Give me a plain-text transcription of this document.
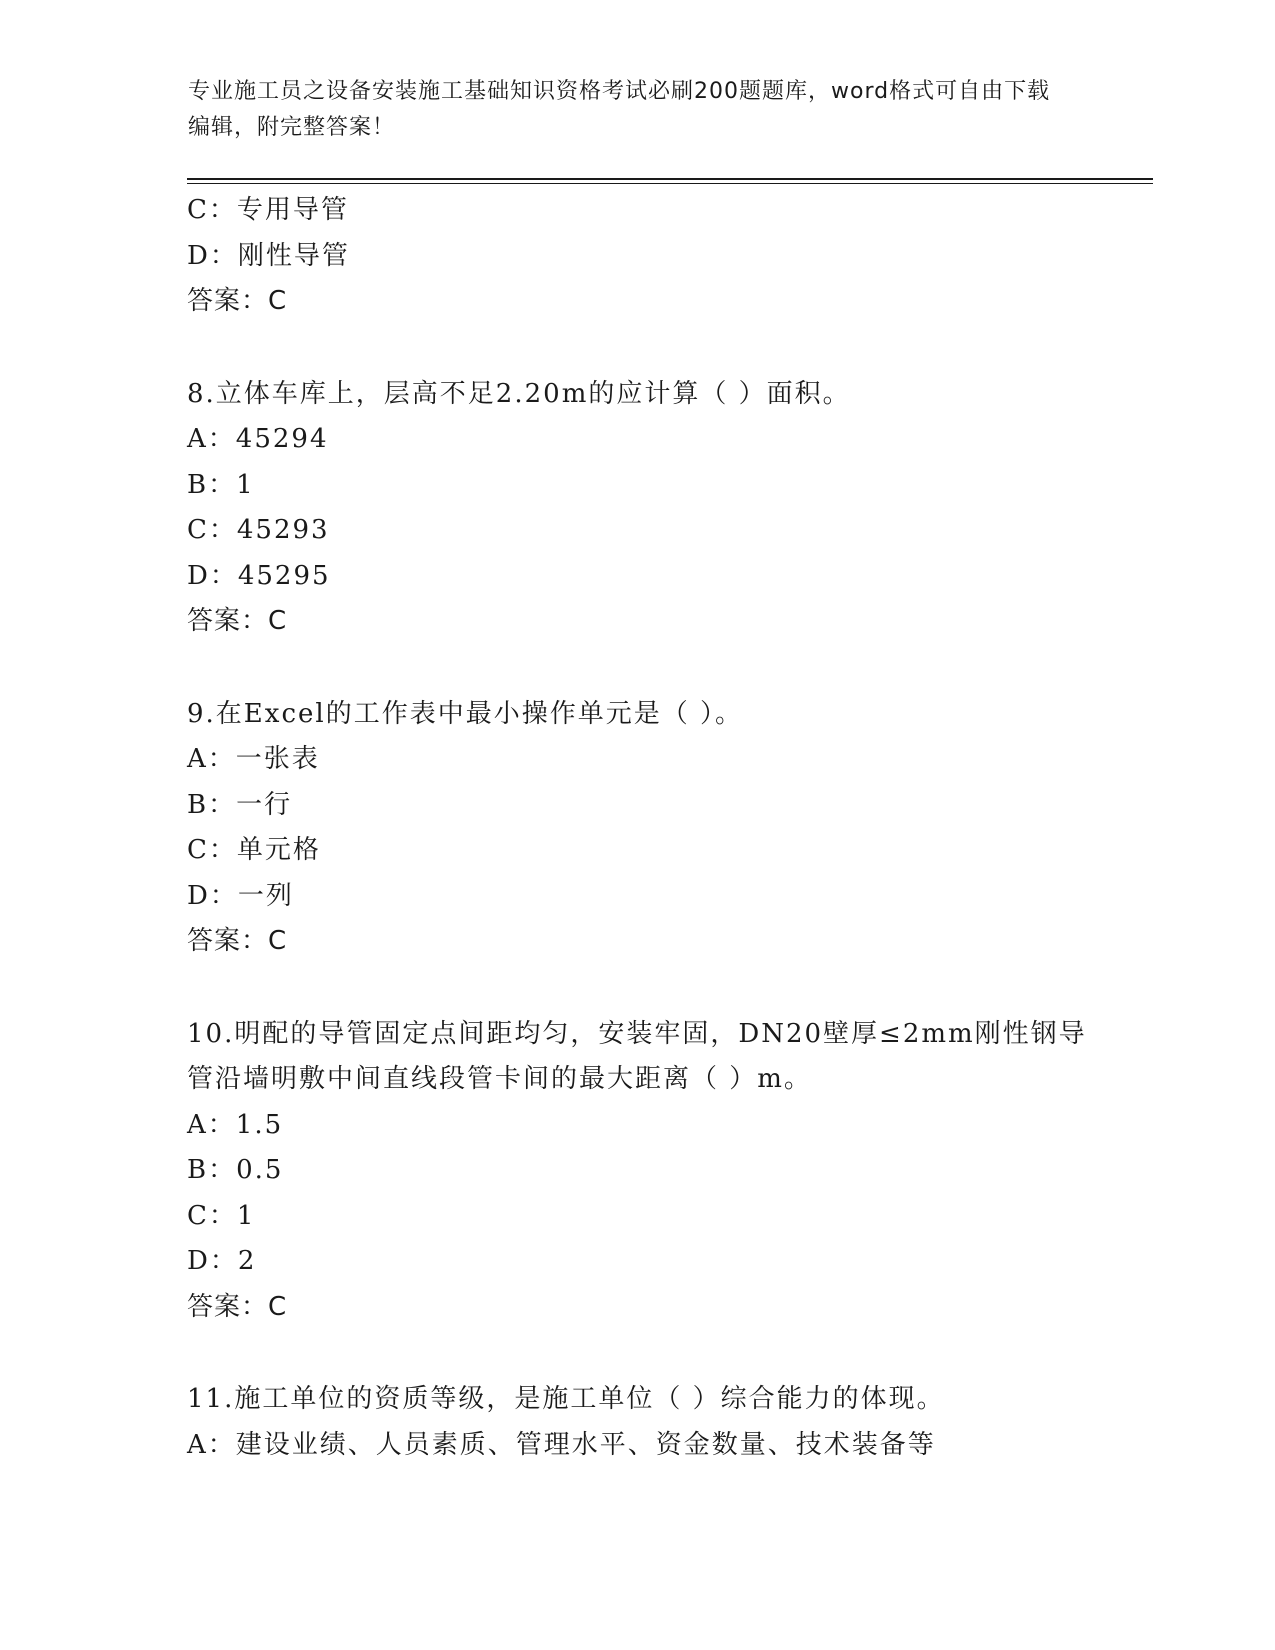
专业施工员之设备安装施工基础知识资格考试必刷200题题库，word格式可自由下载编辑，附完整答案！
C：专用导管
D：刚性导管
答案：C
8.立体车库上，层高不足2.20m的应计算（ ）面积。
A：45294
B：1
C：45293
D：45295
答案：C
9.在Excel的工作表中最小操作单元是（ ）。
A：一张表
B：一行
C：单元格
D：一列
答案：C
10.明配的导管固定点间距均匀，安装牢固，DN20壁厚≤2mm刚性钢导
管沿墙明敷中间直线段管卡间的最大距离（ ）m。
A：1.5
B：0.5
C：1
D：2
答案：C
11.施工单位的资质等级，是施工单位（ ）综合能力的体现。
A：建设业绩、人员素质、管理水平、资金数量、技术装备等
